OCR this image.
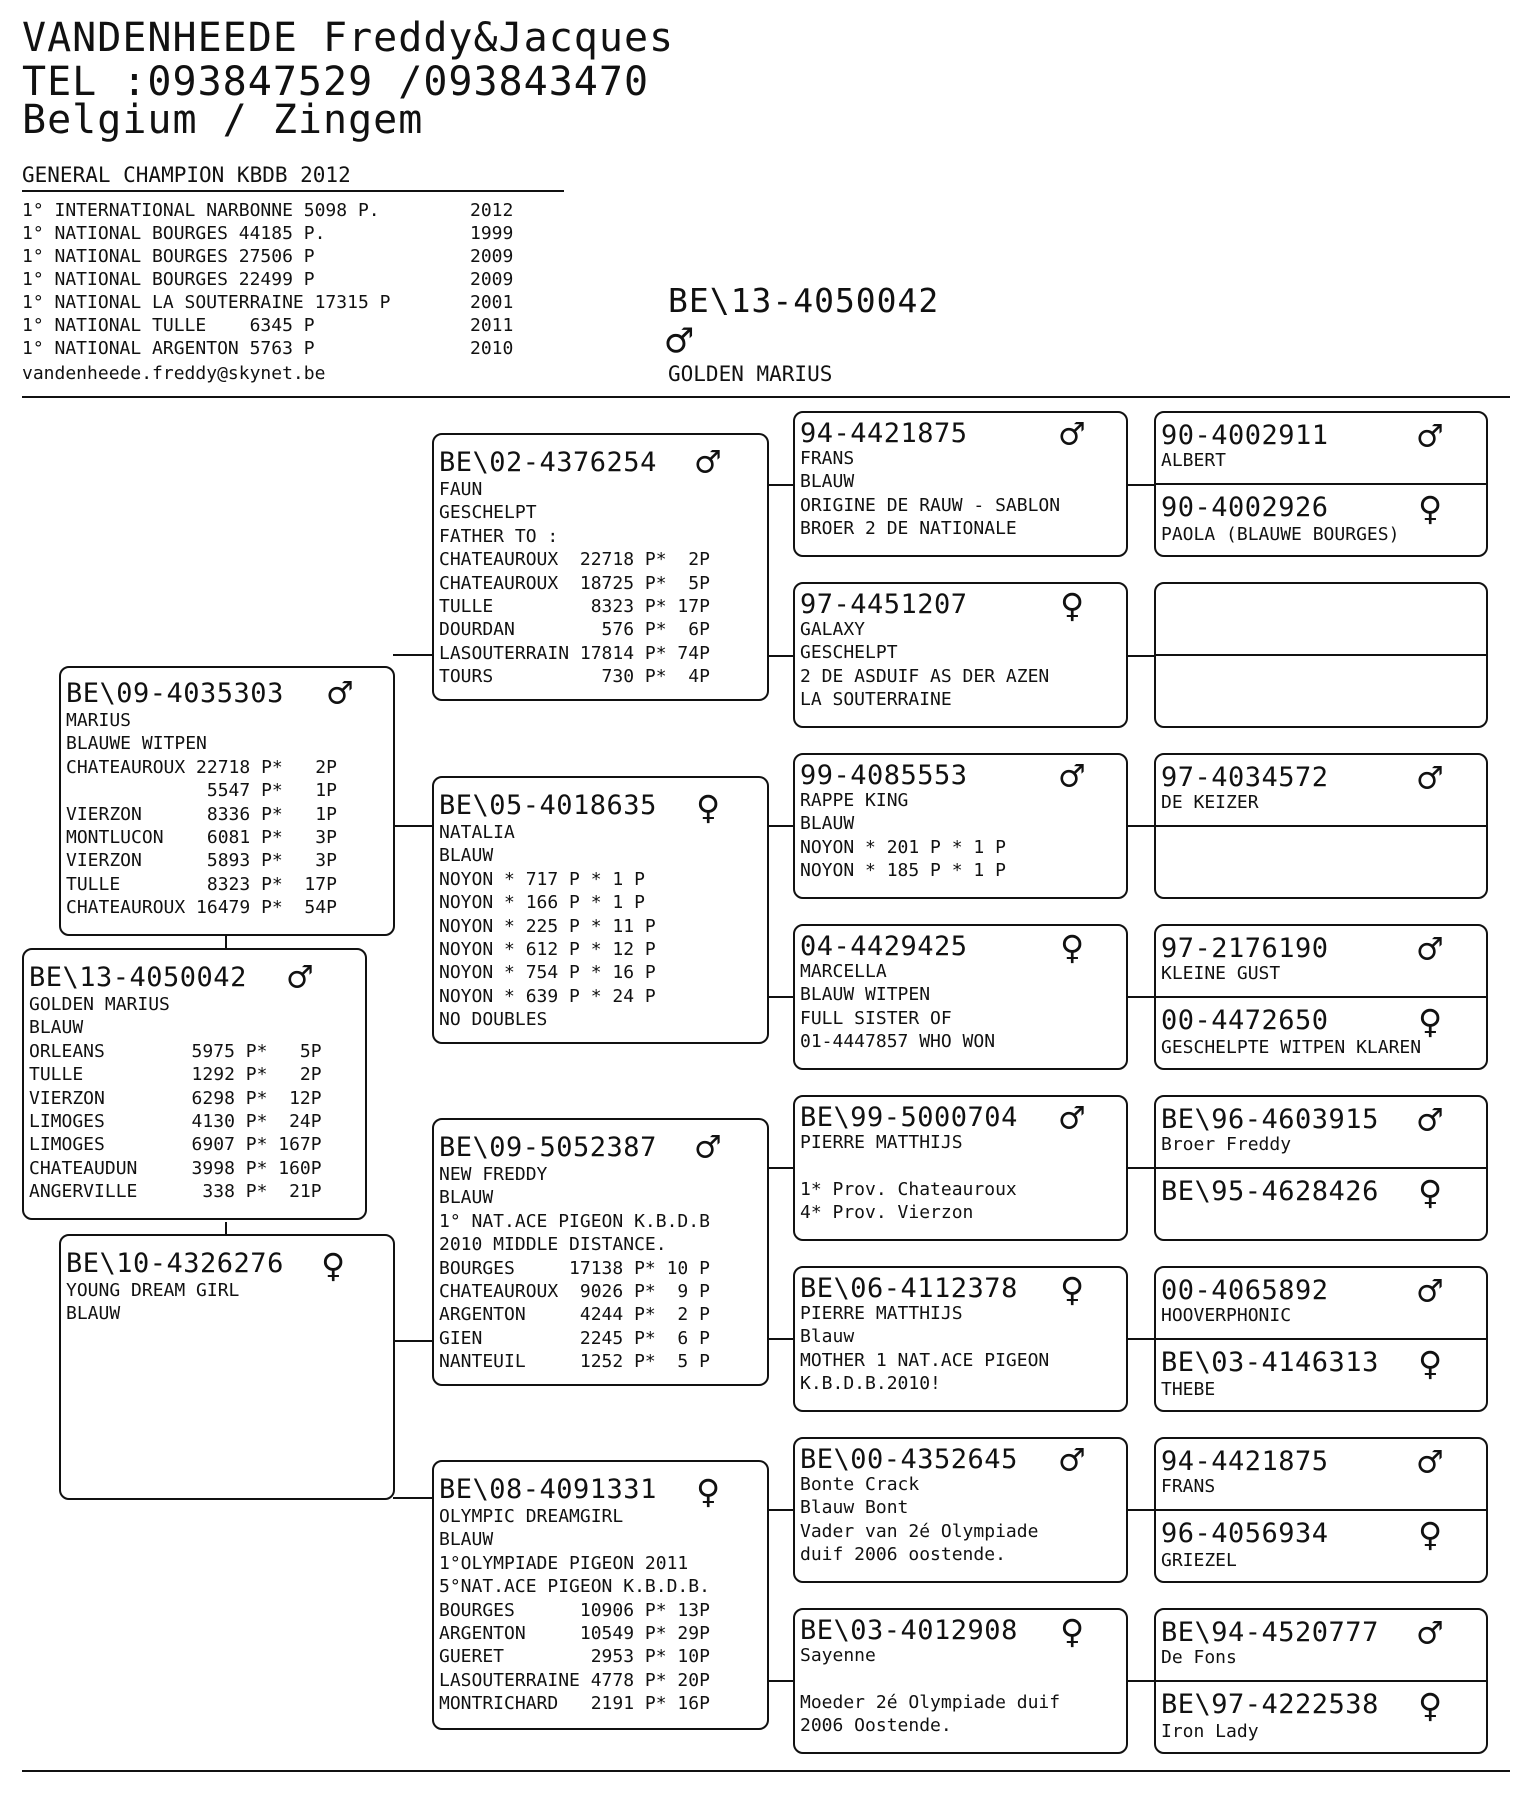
VANDENHEEDE Freddy&Jacques
TEL :093847529 /093843470
Belgium / Zingem
GENERAL CHAMPION KBDB 2012
1° INTERNATIONAL NARBONNE 5098 P.	2012
1° NATIONAL BOURGES 44185 P.	1999
1° NATIONAL BOURGES 27506 P	2009
1° NATIONAL BOURGES 22499 P	2009
1° NATIONAL LA SOUTERRAINE 17315 P	2001
1° NATIONAL TULLE    6345 P	2011
1° NATIONAL ARGENTON 5763 P	2010
vandenheede.freddy@skynet.be
BE\13-4050042
♂
GOLDEN MARIUS
BE\09-4035303 ♂
MARIUS
BLAUWE WITPEN
CHATEAUROUX 22718 P*   2P
5547 P*   1P
VIERZON      8336 P*   1P
MONTLUCON    6081 P*   3P
VIERZON      5893 P*   3P
TULLE        8323 P*  17P
CHATEAUROUX 16479 P*  54P
BE\13-4050042 ♂
GOLDEN MARIUS
BLAUW
ORLEANS        5975 P*   5P
TULLE          1292 P*   2P
VIERZON        6298 P*  12P
LIMOGES        4130 P*  24P
LIMOGES        6907 P* 167P
CHATEAUDUN     3998 P* 160P
ANGERVILLE      338 P*  21P
BE\10-4326276 ♀
YOUNG DREAM GIRL
BLAUW
BE\02-4376254 ♂
FAUN
GESCHELPT
FATHER TO :
CHATEAUROUX  22718 P*  2P
CHATEAUROUX  18725 P*  5P
TULLE         8323 P* 17P
DOURDAN        576 P*  6P
LASOUTERRAIN 17814 P* 74P
TOURS          730 P*  4P
BE\05-4018635 ♀
NATALIA
BLAUW
NOYON * 717 P * 1 P
NOYON * 166 P * 1 P
NOYON * 225 P * 11 P
NOYON * 612 P * 12 P
NOYON * 754 P * 16 P
NOYON * 639 P * 24 P
NO DOUBLES
BE\09-5052387 ♂
NEW FREDDY
BLAUW
1° NAT.ACE PIGEON K.B.D.B
2010 MIDDLE DISTANCE.
BOURGES     17138 P* 10 P
CHATEAUROUX  9026 P*  9 P
ARGENTON     4244 P*  2 P
GIEN         2245 P*  6 P
NANTEUIL     1252 P*  5 P
BE\08-4091331 ♀
OLYMPIC DREAMGIRL
BLAUW
1°OLYMPIADE PIGEON 2011
5°NAT.ACE PIGEON K.B.D.B.
BOURGES      10906 P* 13P
ARGENTON     10549 P* 29P
GUERET        2953 P* 10P
LASOUTERRAINE 4778 P* 20P
MONTRICHARD   2191 P* 16P
94-4421875 ♂
FRANS
BLAUW
ORIGINE DE RAUW - SABLON
BROER 2 DE NATIONALE
97-4451207 ♀
GALAXY
GESCHELPT
2 DE ASDUIF AS DER AZEN
LA SOUTERRAINE
99-4085553 ♂
RAPPE KING
BLAUW
NOYON * 201 P * 1 P
NOYON * 185 P * 1 P
04-4429425 ♀
MARCELLA
BLAUW WITPEN
FULL SISTER OF
01-4447857 WHO WON
BE\99-5000704 ♂
PIERRE MATTHIJS
1* Prov. Chateauroux
4* Prov. Vierzon
BE\06-4112378 ♀
PIERRE MATTHIJS
Blauw
MOTHER 1 NAT.ACE PIGEON
K.B.D.B.2010!
BE\00-4352645 ♂
Bonte Crack
Blauw Bont
Vader van 2é Olympiade
duif 2006 oostende.
BE\03-4012908 ♀
Sayenne
Moeder 2é Olympiade duif
2006 Oostende.
90-4002911 ♂
ALBERT
90-4002926 ♀
PAOLA (BLAUWE BOURGES)
97-4034572 ♂
DE KEIZER
97-2176190 ♂
KLEINE GUST
00-4472650 ♀
GESCHELPTE WITPEN KLAREN
BE\96-4603915 ♂
Broer Freddy
BE\95-4628426 ♀
00-4065892 ♂
HOOVERPHONIC
BE\03-4146313 ♀
THEBE
94-4421875 ♂
FRANS
96-4056934 ♀
GRIEZEL
BE\94-4520777 ♂
De Fons
BE\97-4222538 ♀
Iron Lady
